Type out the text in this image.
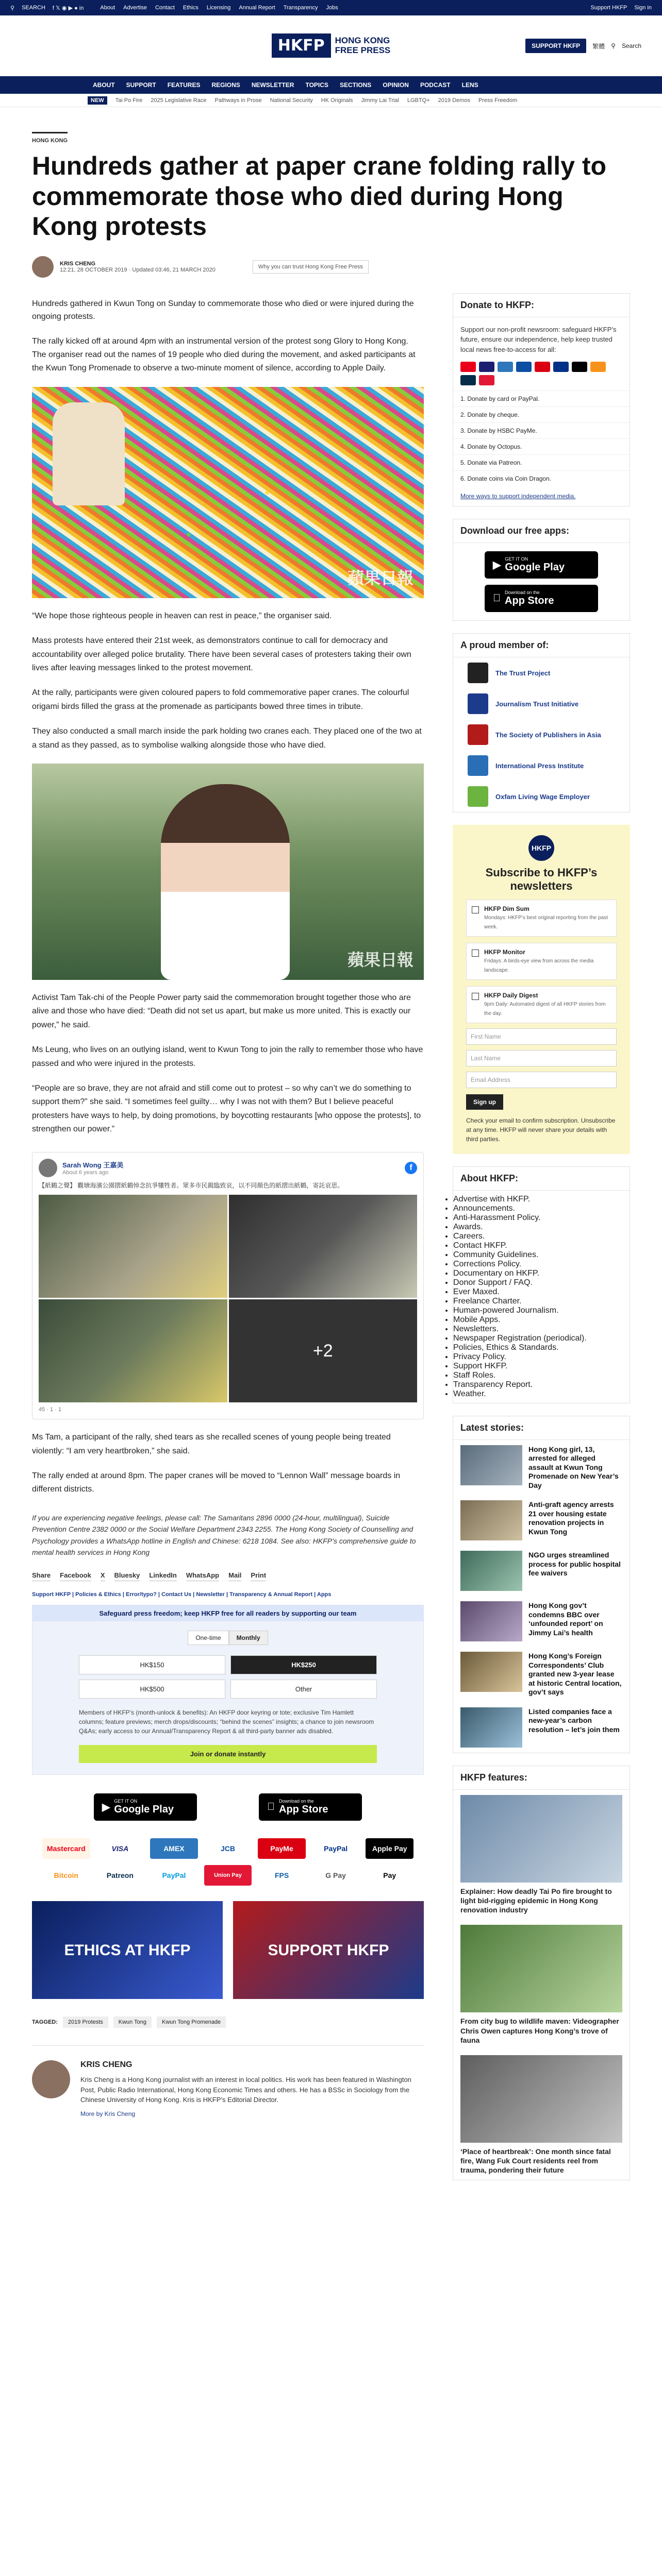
⚲ SEARCH f 𝕏 ◉ ▶ ● in	About Advertise Contact Ethics Licensing Annual Report Transparency Jobs	Support HKFP Sign in
HKFP	HONG KONG
FREE PRESS	SUPPORT HKFP	繁體 ⚲ Search
ABOUT SUPPORT FEATURES REGIONS NEWSLETTER TOPICS SECTIONS OPINION PODCAST LENS
NEW	Tai Po Fire 2025 Legislative Race Pathways in Prose National Security HK Originals Jimmy Lai Trial LGBTQ+ 2019 Demos Press Freedom
HONG KONG
Hundreds gather at paper crane folding rally to commemorate those who died during Hong Kong protests
KRIS CHENG
12:21, 28 OCTOBER 2019 · Updated 03:46, 21 MARCH 2020	Why you can trust Hong Kong Free Press

Hundreds gathered in Kwun Tong on Sunday to commemorate those who died or were injured during the ongoing protests.

The rally kicked off at around 4pm with an instrumental version of the protest song Glory to Hong Kong. The organiser read out the names of 19 people who died during the movement, and asked participants at the Kwun Tong Promenade to observe a two-minute moment of silence, according to Apple Daily.

蘋果日報

“We hope those righteous people in heaven can rest in peace,” the organiser said.

Mass protests have entered their 21st week, as demonstrators continue to call for democracy and accountability over alleged police brutality. There have been several cases of protesters taking their own lives after leaving messages linked to the protest movement.

At the rally, participants were given coloured papers to fold commemorative paper cranes. The colourful origami birds filled the grass at the promenade as participants bowed three times in tribute.

They also conducted a small march inside the park holding two cranes each. They placed one of the two at a stand as they passed, as to symbolise walking alongside those who have died.

蘋果日報

Activist Tam Tak-chi of the People Power party said the commemoration brought together those who are alive and those who have died: “Death did not set us apart, but make us more united. This is exactly our power,” he said.

Ms Leung, who lives on an outlying island, went to Kwun Tong to join the rally to remember those who have passed and who were injured in the protests.

“People are so brave, they are not afraid and still come out to protest – so why can’t we do something to support them?” she said. “I sometimes feel guilty… why I was not with them? But I believe peaceful protesters have ways to help, by doing promotions, by boycotting restaurants [who oppose the protests], to strengthen our power.”

Sarah Wong 王嘉美
About 6 years ago
f
【紙鶴之聲】 觀塘海濱公園摺紙鶴悼念抗爭犧牲者。眾多市民親臨致哀，以不同顏色的紙摺出紙鶴，寄託哀思。
+2
45 · 1 · 1

Ms Tam, a participant of the rally, shed tears as she recalled scenes of young people being treated violently: “I am very heartbroken,” she said.

The rally ended at around 8pm. The paper cranes will be moved to “Lennon Wall” message boards in different districts.

If you are experiencing negative feelings, please call: The Samaritans 2896 0000 (24-hour, multilingual), Suicide Prevention Centre 2382 0000 or the Social Welfare Department 2343 2255. The Hong Kong Society of Counselling and Psychology provides a WhatsApp hotline in English and Chinese: 6218 1084. See also: HKFP’s comprehensive guide to mental health services in Hong Kong

Share Facebook X Bluesky LinkedIn WhatsApp Mail Print
Support HKFP | Policies & Ethics | Error/typo? | Contact Us | Newsletter | Transparency & Annual Report | Apps
Safeguard press freedom; keep HKFP free for all readers by supporting our team
One-time	Monthly
HK$150	HK$250
HK$500	Other
Members of HKFP’s (month-unlock & benefits): An HKFP door keyring or tote; exclusive Tim Hamlett columns; feature previews; merch drops/discounts; “behind the scenes” insights; a chance to join newsroom Q&As; early access to our Annual/Transparency Report & all third-party banner ads disabled.
Join or donate instantly
▶
GET IT ON
Google Play
Download on the
App Store
Mastercard	VISA	AMEX	JCB	PayMe	PayPal	Apple Pay
Bitcoin	Patreon	PayPal	Union Pay	FPS	G Pay	Pay
ETHICS AT HKFP	SUPPORT HKFP
TAGGED:	2019 Protests	Kwun Tong	Kwun Tong Promenade
KRIS CHENG

Kris Cheng is a Hong Kong journalist with an interest in local politics. His work has been featured in Washington Post, Public Radio International, Hong Kong Economic Times and others. He has a BSSc in Sociology from the Chinese University of Hong Kong. Kris is HKFP’s Editorial Director.

More by Kris Cheng
Donate to HKFP:
Support our non-profit newsroom: safeguard HKFP’s future, ensure our independence, help keep trusted local news free-to-access for all:
1. Donate by card or PayPal.
2. Donate by cheque.
3. Donate by HSBC PayMe.
4. Donate by Octopus.
5. Donate via Patreon.
6. Donate coins via Coin Dragon.
More ways to support independent media.
Download our free apps:
▶
GET IT ON
Google Play
Download on the
App Store
A proud member of:
The Trust Project
Journalism Trust Initiative
The Society of Publishers in Asia
International Press Institute
Oxfam Living Wage Employer
HKFP
Subscribe to HKFP’s newsletters
HKFP Dim Sum
Mondays: HKFP’s best original reporting from the past week.
HKFP Monitor
Fridays: A birds-eye view from across the media landscape.
HKFP Daily Digest
9pm Daily: Automated digest of all HKFP stories from the day.
First Name
Last Name
Email Address
Sign up
Check your email to confirm subscription. Unsubscribe at any time. HKFP will never share your details with third parties.
About HKFP:
• Advertise with HKFP.
• Announcements.
• Anti-Harassment Policy.
• Awards.
• Careers.
• Contact HKFP.
• Community Guidelines.
• Corrections Policy.
• Documentary on HKFP.
• Donor Support / FAQ.
• Ever Maxed.
• Freelance Charter.
• Human-powered Journalism.
• Mobile Apps.
• Newsletters.
• Newspaper Registration (periodical).
• Policies, Ethics & Standards.
• Privacy Policy.
• Support HKFP.
• Staff Roles.
• Transparency Report.
• Weather.
Latest stories:
Hong Kong girl, 13, arrested for alleged assault at Kwun Tong Promenade on New Year’s Day
Anti-graft agency arrests 21 over housing estate renovation projects in Kwun Tong
NGO urges streamlined process for public hospital fee waivers
Hong Kong gov’t condemns BBC over ‘unfounded report’ on Jimmy Lai’s health
Hong Kong’s Foreign Correspondents’ Club granted new 3-year lease at historic Central location, gov’t says
Listed companies face a new-year’s carbon resolution – let’s join them
HKFP features:
Explainer: How deadly Tai Po fire brought to light bid-rigging epidemic in Hong Kong renovation industry
From city bug to wildlife maven: Videographer Chris Owen captures Hong Kong’s trove of fauna
‘Place of heartbreak’: One month since fatal fire, Wang Fuk Court residents reel from trauma, pondering their future
